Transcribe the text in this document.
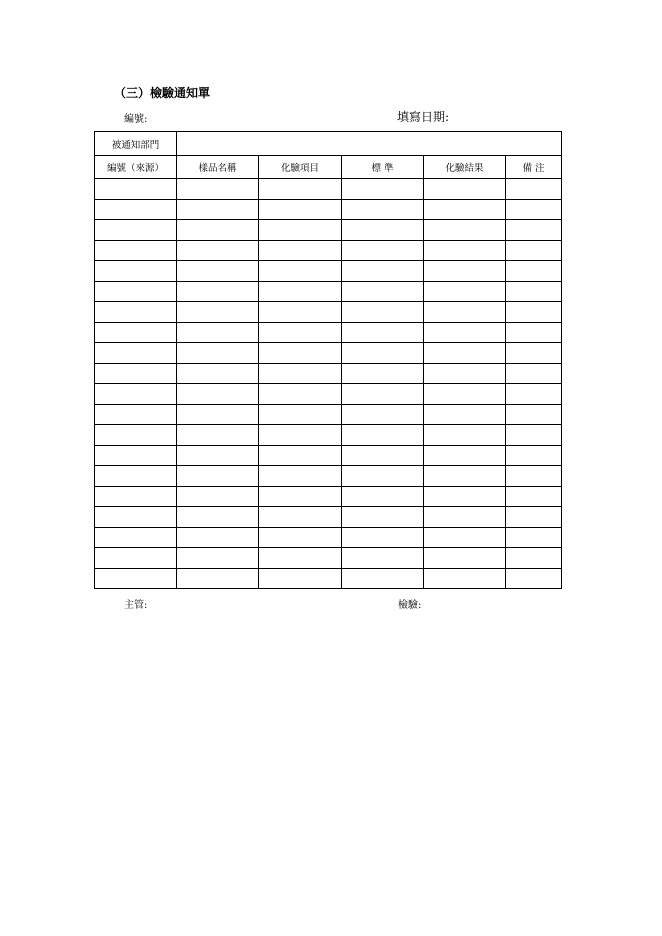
（三）檢驗通知單
編號:	填寫日期:
被通知部門					
編號（來源）	樣品名稱	化驗項目	標 準	化驗結果	備 注

主管:	檢驗:
